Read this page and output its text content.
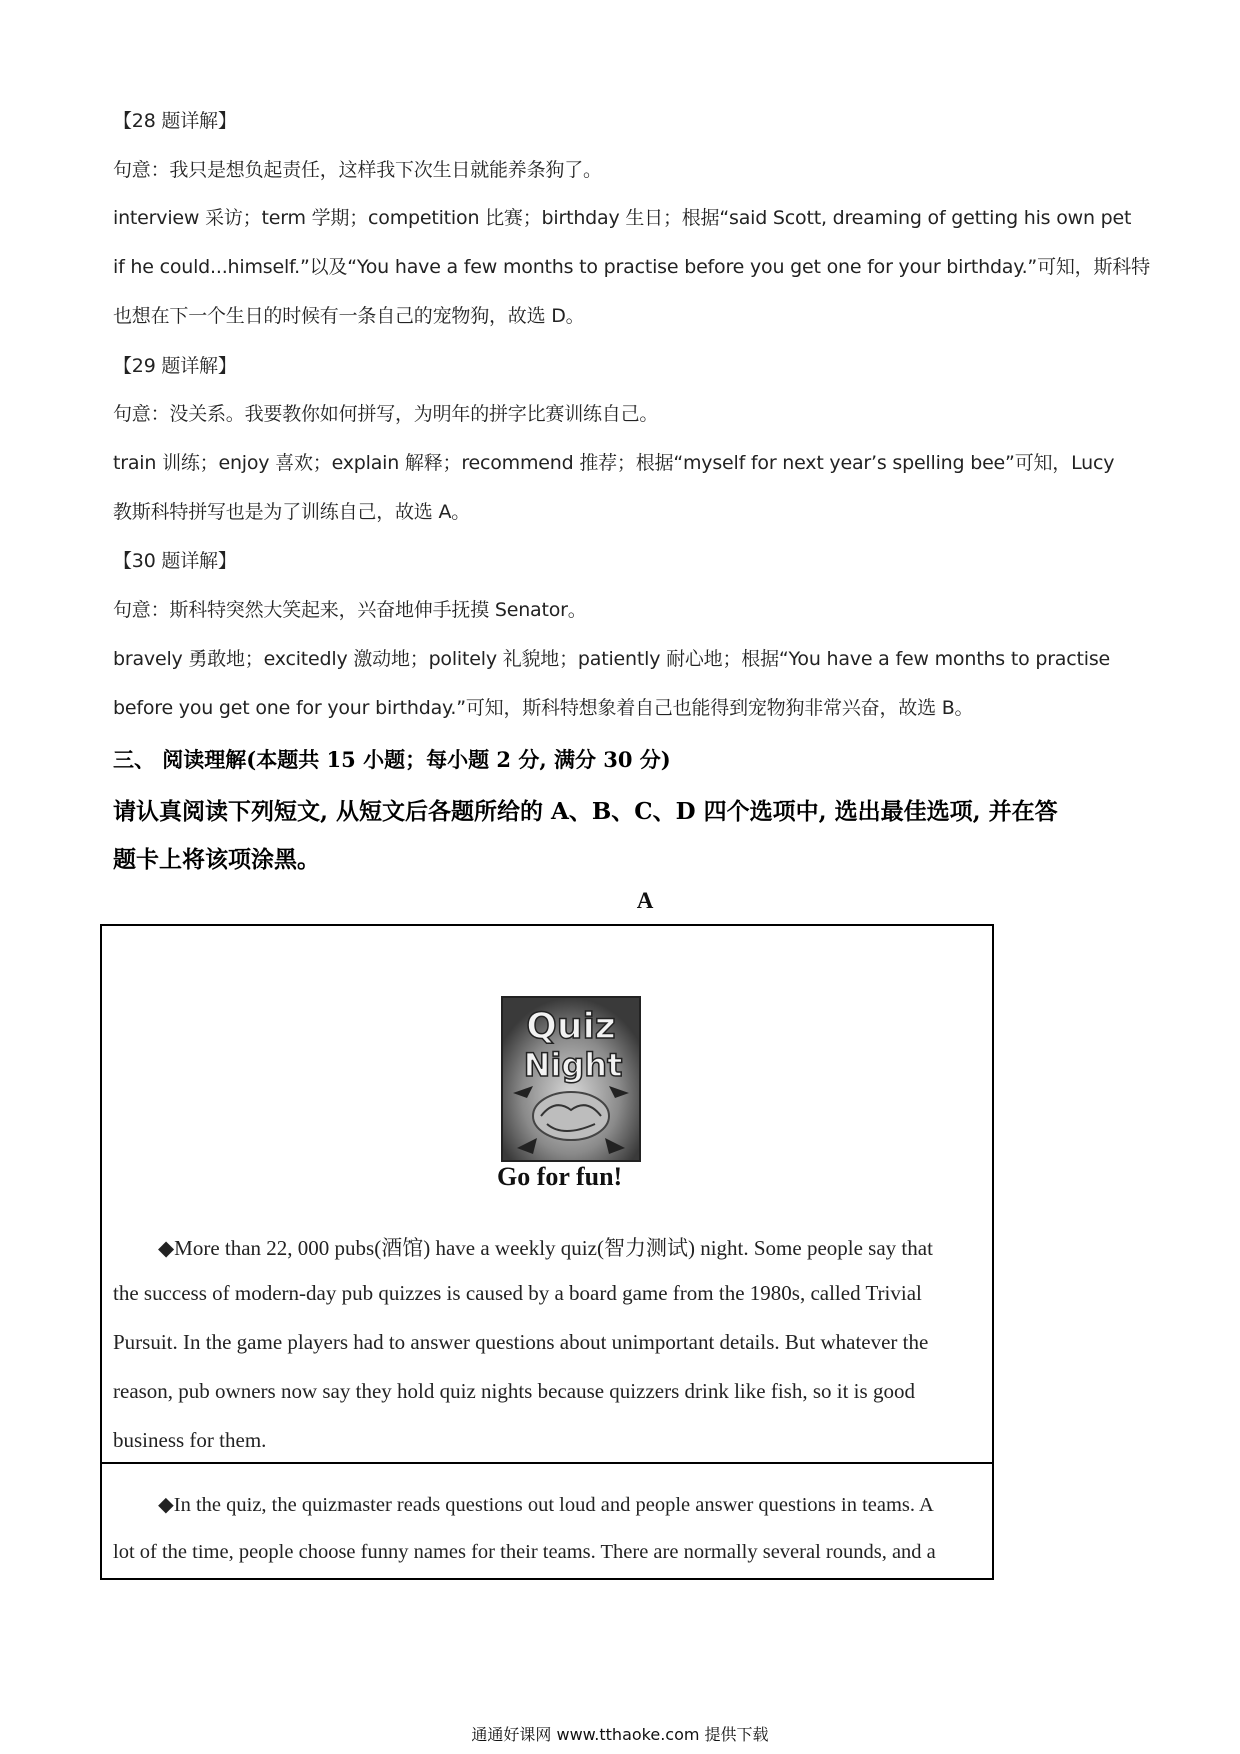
【28 题详解】
句意：我只是想负起责任，这样我下次生日就能养条狗了。
interview 采访；term 学期；competition 比赛；birthday 生日；根据“said Scott, dreaming of getting his own pet
if he could...himself.”以及“You have a few months to practise before you get one for your birthday.”可知，斯科特
也想在下一个生日的时候有一条自己的宠物狗，故选 D。
【29 题详解】
句意：没关系。我要教你如何拼写，为明年的拼字比赛训练自己。
train 训练；enjoy 喜欢；explain 解释；recommend 推荐；根据“myself for next year’s spelling bee”可知，Lucy
教斯科特拼写也是为了训练自己，故选 A。
【30 题详解】
句意：斯科特突然大笑起来，兴奋地伸手抚摸 Senator。
bravely 勇敢地；excitedly 激动地；politely 礼貌地；patiently 耐心地；根据“You have a few months to practise
before you get one for your birthday.”可知，斯科特想象着自己也能得到宠物狗非常兴奋，故选 B。
三、 阅读理解(本题共 15 小题；每小题 2 分, 满分 30 分)
请认真阅读下列短文, 从短文后各题所给的 A、B、C、D 四个选项中, 选出最佳选项, 并在答
题卡上将该项涂黑。
A
Quiz
Night
Go for fun!
◆More than 22, 000 pubs(酒馆) have a weekly quiz(智力测试) night. Some people say that
the success of modern-day pub quizzes is caused by a board game from the 1980s, called Trivial
Pursuit. In the game players had to answer questions about unimportant details. But whatever the
reason, pub owners now say they hold quiz nights because quizzers drink like fish, so it is good
business for them.
◆In the quiz, the quizmaster reads questions out loud and people answer questions in teams. A
lot of the time, people choose funny names for their teams. There are normally several rounds, and a
通通好课网 www.tthaoke.com 提供下载
